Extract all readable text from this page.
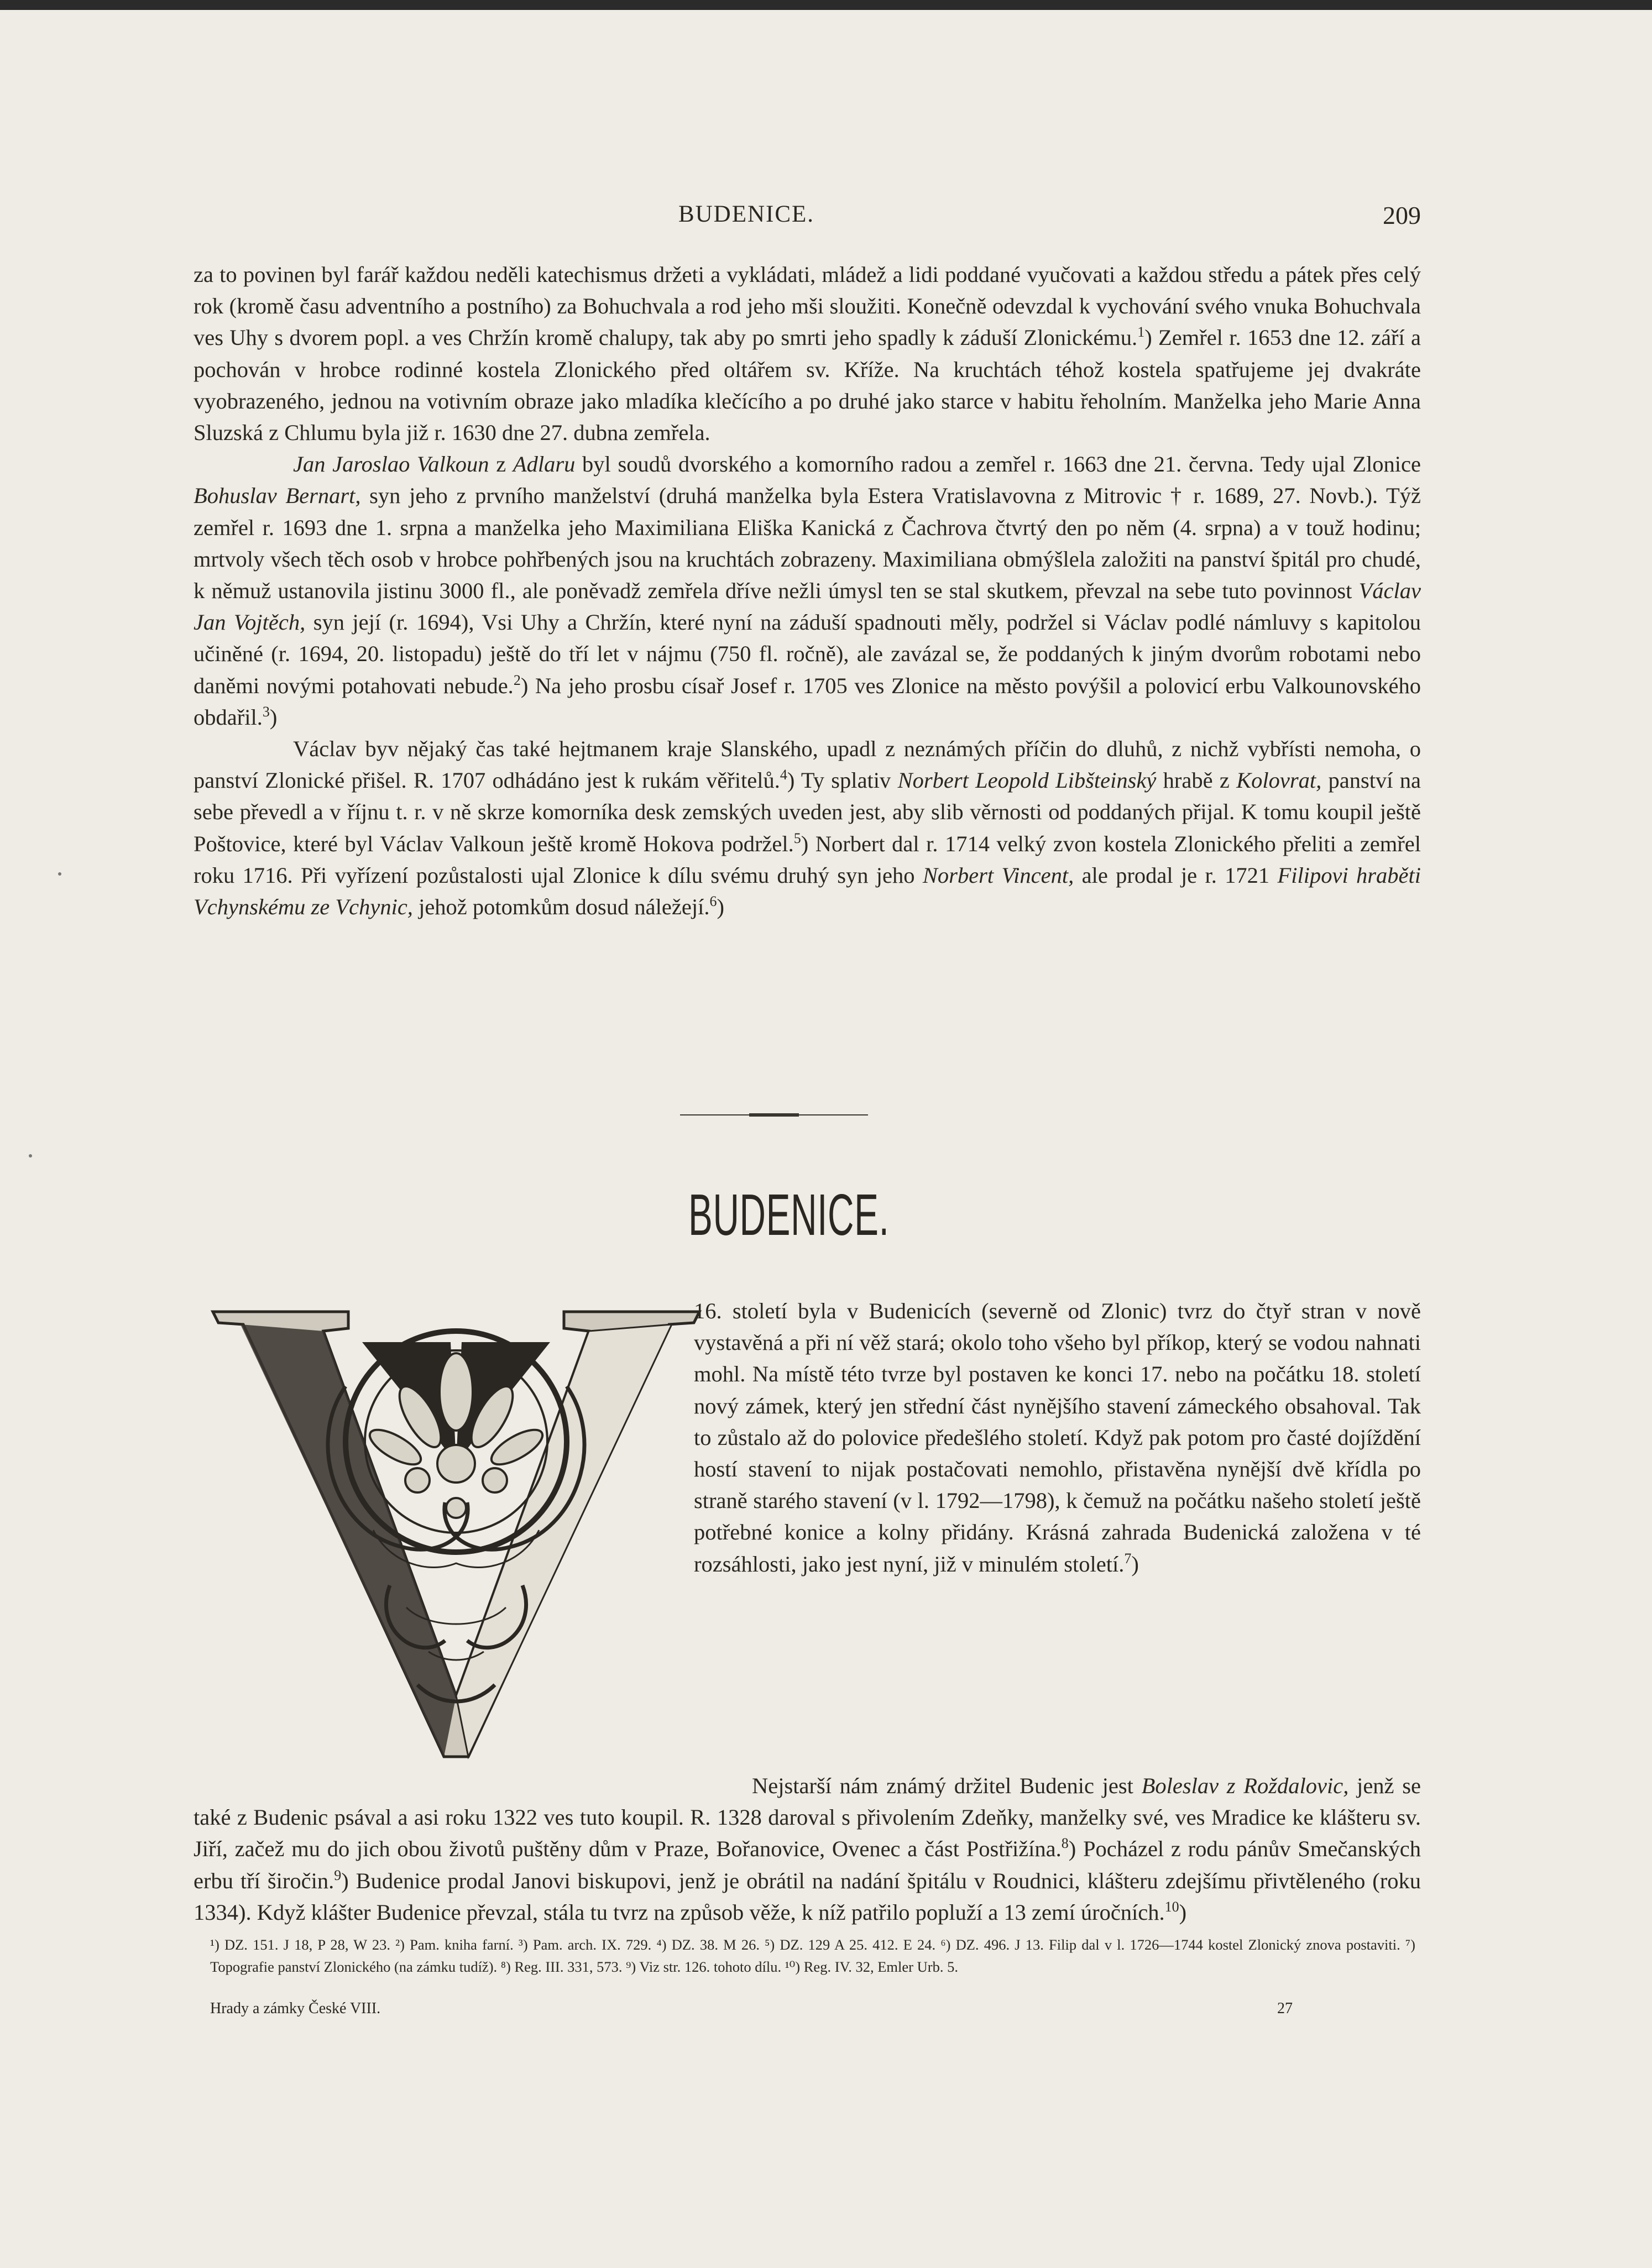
BUDENICE.	209

za to povinen byl farář každou neděli katechismus držeti a vykládati, mládež a lidi poddané vyučovati a každou středu a pátek přes celý rok (kromě času adventního a postního) za Bohuchvala a rod jeho mši sloužiti. Konečně odevzdal k vychování svého vnuka Bohuchvala ves Uhy s dvorem popl. a ves Chržín kromě chalupy, tak aby po smrti jeho spadly k záduší Zlonickému.$^1$) Zemřel r. 1653 dne 12. září a pochován v hrobce rodinné kostela Zlonického před oltářem sv. Kříže. Na kruchtách téhož kostela spatřujeme jej dvakráte vyobrazeného, jednou na votivním obraze jako mladíka klečícího a po druhé jako starce v habitu řeholním. Manželka jeho Marie Anna Sluzská z Chlumu byla již r. 1630 dne 27. dubna zemřela.

Jan Jaroslao Valkoun z Adlaru byl soudů dvorského a komorního radou a zemřel r. 1663 dne 21. června. Tedy ujal Zlonice Bohuslav Bernart, syn jeho z prvního manželství (druhá manželka byla Estera Vratislavovna z Mitrovic † r. 1689, 27. Novb.). Týž zemřel r. 1693 dne 1. srpna a manželka jeho Maximiliana Eliška Kanická z Čachrova čtvrtý den po něm (4. srpna) a v touž hodinu; mrtvoly všech těch osob v hrobce pohřbených jsou na kruchtách zobrazeny. Maximiliana obmýšlela založiti na panství špitál pro chudé, k němuž ustanovila jistinu 3000 fl., ale poněvadž zemřela dříve nežli úmysl ten se stal skutkem, převzal na sebe tuto povinnost Václav Jan Vojtěch, syn její (r. 1694), Vsi Uhy a Chržín, které nyní na záduší spadnouti měly, podržel si Václav podlé námluvy s kapitolou učiněné (r. 1694, 20. listopadu) ještě do tří let v nájmu (750 fl. ročně), ale zavázal se, že poddaných k jiným dvorům robotami nebo daněmi novými potahovati nebude.$^2$) Na jeho prosbu císař Josef r. 1705 ves Zlonice na město povýšil a polovicí erbu Valkounovského obdařil.$^3$)

Václav byv nějaký čas také hejtmanem kraje Slanského, upadl z neznámých příčin do dluhů, z nichž vybřísti nemoha, o panství Zlonické přišel. R. 1707 odhádáno jest k rukám věřitelů.$^4$) Ty splativ Norbert Leopold Libšteinský hrabě z Kolovrat, panství na sebe převedl a v říjnu t. r. v ně skrze komorníka desk zemských uveden jest, aby slib věrnosti od poddaných přijal. K tomu koupil ještě Poštovice, které byl Václav Valkoun ještě kromě Hokova podržel.$^5$) Norbert dal r. 1714 velký zvon kostela Zlonického přeliti a zemřel roku 1716. Při vyřízení pozůstalosti ujal Zlonice k dílu svému druhý syn jeho Norbert Vincent, ale prodal je r. 1721 Filipovi hraběti Vchynskému ze Vchynic, jehož potomkům dosud náležejí.$^6$)

BUDENICE.

16. století byla v Budenicích (severně od Zlonic) tvrz do čtyř stran v nově vystavěná a při ní věž stará; okolo toho všeho byl příkop, který se vodou nahnati mohl. Na místě této tvrze byl postaven ke konci 17. nebo na počátku 18. století nový zámek, který jen střední část nynějšího stavení zámeckého obsahoval. Tak to zůstalo až do polovice předešlého století. Když pak potom pro časté dojíždění hostí stavení to nijak postačovati nemohlo, přistavěna nynější dvě křídla po straně starého stavení (v l. 1792—1798), k čemuž na počátku našeho století ještě potřebné konice a kolny přidány. Krásná zahrada Budenická založena v té rozsáhlosti, jako jest nyní, již v minulém století.$^7$)

Nejstarší nám známý držitel Budenic jest Boleslav z Roždalovic, jenž se také z Budenic psával a asi roku 1322 ves tuto koupil. R. 1328 daroval s přivolením Zdeňky, manželky své, ves Mradice ke klášteru sv. Jiří, začež mu do jich obou životů puštěny dům v Praze, Bořanovice, Ovenec a část Postřižína.$^8$) Pocházel z rodu pánův Smečanských erbu tří širočin.$^9$) Budenice prodal Janovi biskupovi, jenž je obrátil na nadání špitálu v Roudnici, klášteru zdejšímu přivtěleného (roku 1334). Když klášter Budenice převzal, stála tu tvrz na způsob věže, k níž patřilo popluží a 13 zemí úročních.$^{10}$)

¹) DZ. 151. J 18, P 28, W 23. ²) Pam. kniha farní. ³) Pam. arch. IX. 729. ⁴) DZ. 38. M 26. ⁵) DZ. 129 A 25. 412. E 24. ⁶) DZ. 496. J 13. Filip dal v l. 1726—1744 kostel Zlonický znova postaviti. ⁷) Topografie panství Zlonického (na zámku tudíž). ⁸) Reg. III. 331, 573. ⁹) Viz str. 126. tohoto dílu. ¹⁰) Reg. IV. 32, Emler Urb. 5.

Hrady a zámky České VIII.	27
